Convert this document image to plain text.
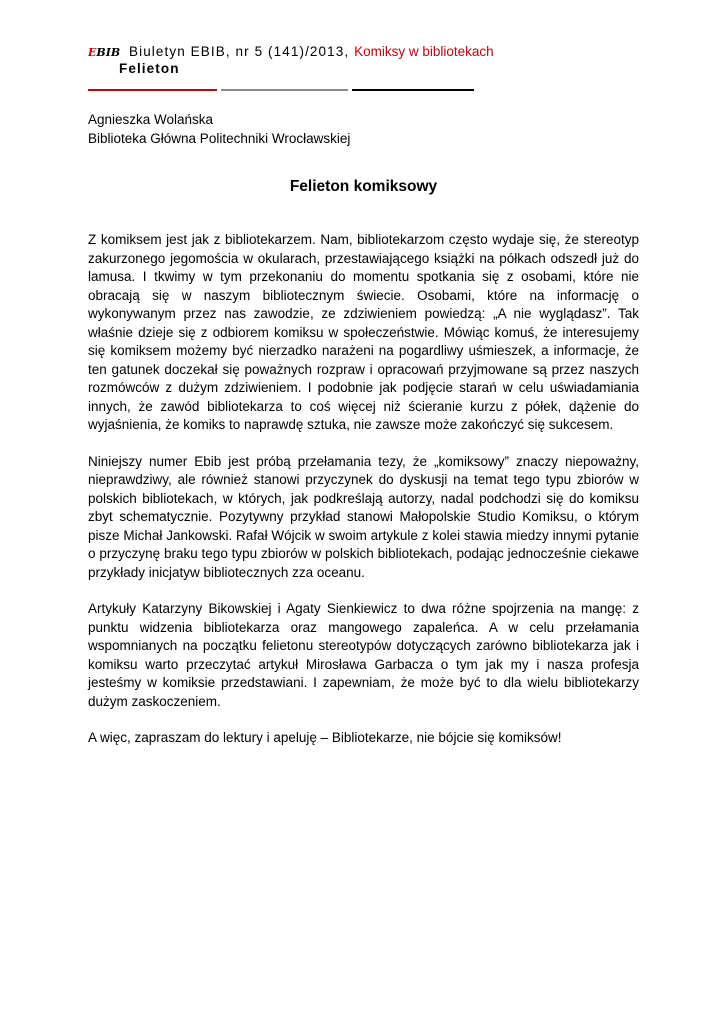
EBIB Biuletyn EBIB, nr 5 (141)/2013, Komiksy w bibliotekach
Felieton
Agnieszka Wolańska
Biblioteka Główna Politechniki Wrocławskiej
Felieton komiksowy

Z komiksem jest jak z bibliotekarzem. Nam, bibliotekarzom często wydaje się, że stereotyp zakurzonego jegomościa w okularach, przestawiającego książki na półkach odszedł już do lamusa. I tkwimy w tym przekonaniu do momentu spotkania się z osobami, które nie obracają się w naszym bibliotecznym świecie. Osobami, które na informację o wykonywanym przez nas zawodzie, ze zdziwieniem powiedzą: „A nie wyglądasz”. Tak właśnie dzieje się z odbiorem komiksu w społeczeństwie. Mówiąc komuś, że interesujemy się komiksem możemy być nierzadko narażeni na pogardliwy uśmieszek, a informacje, że ten gatunek doczekał się poważnych rozpraw i opracowań przyjmowane są przez naszych rozmówców z dużym zdziwieniem. I podobnie jak podjęcie starań w celu uświadamiania innych, że zawód bibliotekarza to coś więcej niż ścieranie kurzu z półek, dążenie do wyjaśnienia, że komiks to naprawdę sztuka, nie zawsze może zakończyć się sukcesem.

Niniejszy numer Ebib jest próbą przełamania tezy, że „komiksowy” znaczy niepoważny, nieprawdziwy, ale również stanowi przyczynek do dyskusji na temat tego typu zbiorów w polskich bibliotekach, w których, jak podkreślają autorzy, nadal podchodzi się do komiksu zbyt schematycznie. Pozytywny przykład stanowi Małopolskie Studio Komiksu, o którym pisze Michał Jankowski. Rafał Wójcik w swoim artykule z kolei stawia miedzy innymi pytanie o przyczynę braku tego typu zbiorów w polskich bibliotekach, podając jednocześnie ciekawe przykłady inicjatyw bibliotecznych zza oceanu.

Artykuły Katarzyny Bikowskiej i Agaty Sienkiewicz to dwa różne spojrzenia na mangę: z punktu widzenia bibliotekarza oraz mangowego zapaleńca. A w celu przełamania wspomnianych na początku felietonu stereotypów dotyczących zarówno bibliotekarza jak i komiksu warto przeczytać artykuł Mirosława Garbacza o tym jak my i nasza profesja jesteśmy w komiksie przedstawiani. I zapewniam, że może być to dla wielu bibliotekarzy dużym zaskoczeniem.

A więc, zapraszam do lektury i apeluję – Bibliotekarze, nie bójcie się komiksów!
